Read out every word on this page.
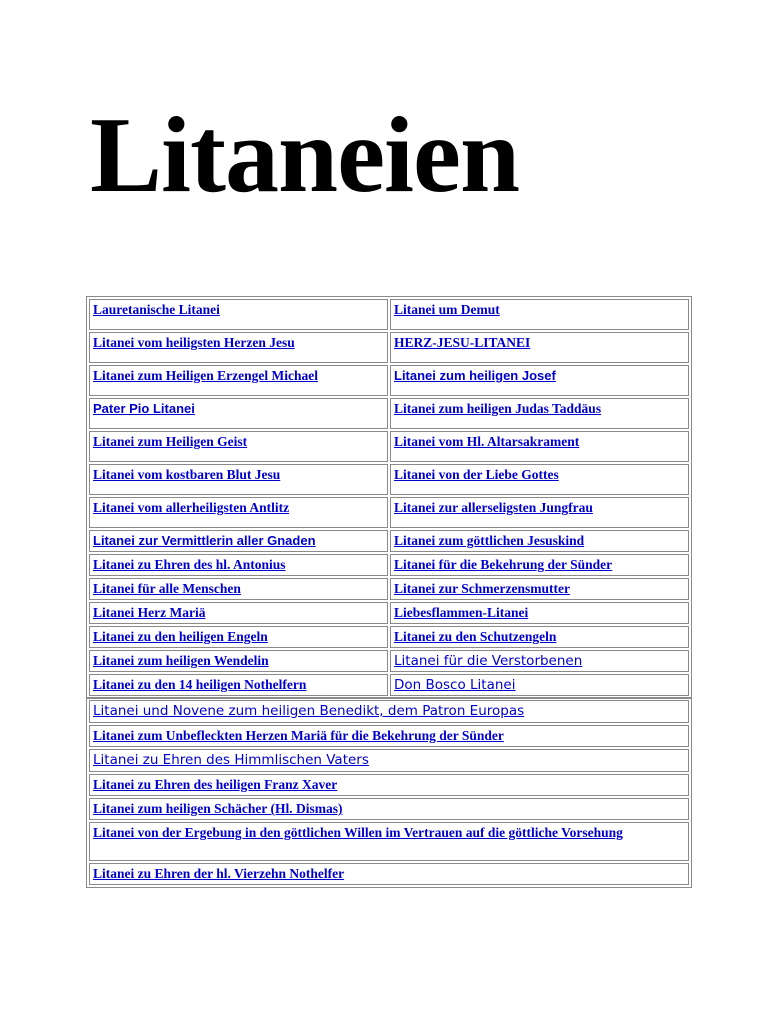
Litaneien
Lauretanische Litanei	Litanei um Demut
Litanei vom heiligsten Herzen Jesu	HERZ-JESU-LITANEI
Litanei zum Heiligen Erzengel Michael	Litanei zum heiligen Josef
Pater Pio Litanei	Litanei zum heiligen Judas Taddäus
Litanei zum Heiligen Geist	Litanei vom Hl. Altarsakrament
Litanei vom kostbaren Blut Jesu	Litanei von der Liebe Gottes
Litanei vom allerheiligsten Antlitz	Litanei zur allerseligsten Jungfrau
Litanei zur Vermittlerin aller Gnaden	Litanei zum göttlichen Jesuskind
Litanei zu Ehren des hl. Antonius	Litanei für die Bekehrung der Sünder
Litanei für alle Menschen	Litanei zur Schmerzensmutter
Litanei Herz Mariä	Liebesflammen-Litanei
Litanei zu den heiligen Engeln	Litanei zu den Schutzengeln
Litanei zum heiligen Wendelin	Litanei für die Verstorbenen
Litanei zu den 14 heiligen Nothelfern	Don Bosco Litanei
Litanei und Novene zum heiligen Benedikt, dem Patron Europas
Litanei zum Unbefleckten Herzen Mariä für die Bekehrung der Sünder
Litanei zu Ehren des Himmlischen Vaters
Litanei zu Ehren des heiligen Franz Xaver
Litanei zum heiligen Schächer (Hl. Dismas)
Litanei von der Ergebung in den göttlichen Willen im Vertrauen auf die göttliche Vorsehung
Litanei zu Ehren der hl. Vierzehn Nothelfer
